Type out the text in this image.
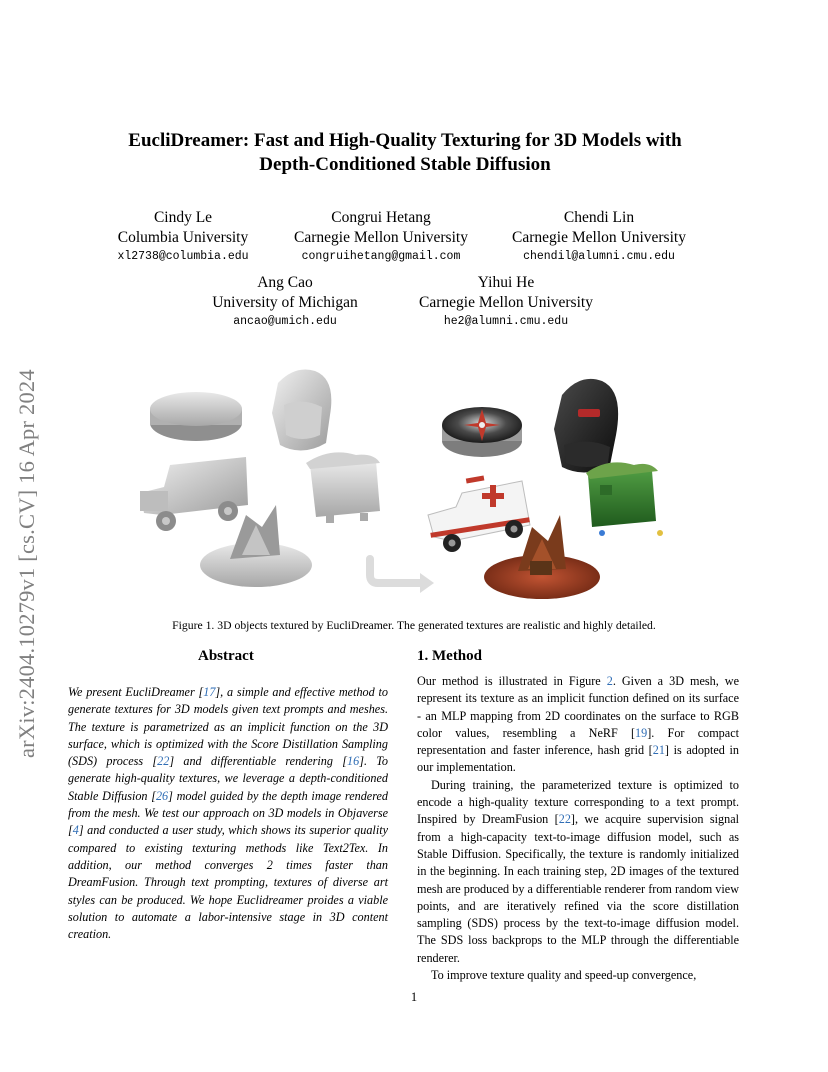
arXiv:2404.10279v1 [cs.CV] 16 Apr 2024
EucliDreamer: Fast and High-Quality Texturing for 3D Models with
Depth-Conditioned Stable Diffusion
Cindy Le
Columbia University
xl2738@columbia.edu
Congrui Hetang
Carnegie Mellon University
congruihetang@gmail.com
Chendi Lin
Carnegie Mellon University
chendil@alumni.cmu.edu
Ang Cao
University of Michigan
ancao@umich.edu
Yihui He
Carnegie Mellon University
he2@alumni.cmu.edu
Figure 1. 3D objects textured by EucliDreamer. The generated textures are realistic and highly detailed.
Abstract	1. Method
We present EucliDreamer [17], a simple and effective method to generate textures for 3D models given text prompts and meshes. The texture is parametrized as an implicit function on the 3D surface, which is optimized with the Score Distillation Sampling (SDS) process [22] and differentiable rendering [16]. To generate high-quality textures, we leverage a depth-conditioned Stable Diffusion [26] model guided by the depth image rendered from the mesh. We test our approach on 3D models in Objaverse [4] and conducted a user study, which shows its superior quality compared to existing texturing methods like Text2Tex. In addition, our method converges 2 times faster than DreamFusion. Through text prompting, textures of diverse art styles can be produced. We hope Euclidreamer proides a viable solution to automate a labor-intensive stage in 3D content creation.

Our method is illustrated in Figure 2. Given a 3D mesh, we represent its texture as an implicit function defined on its surface - an MLP mapping from 2D coordinates on the surface to RGB color values, resembling a NeRF [19]. For compact representation and faster inference, hash grid [21] is adopted in our implementation.

During training, the parameterized texture is optimized to encode a high-quality texture corresponding to a text prompt. Inspired by DreamFusion [22], we acquire supervision signal from a high-capacity text-to-image diffusion model, such as Stable Diffusion. Specifically, the texture is randomly initialized in the beginning. In each training step, 2D images of the textured mesh are produced by a differentiable renderer from random view points, and are iteratively refined via the score distillation sampling (SDS) process by the text-to-image diffusion model. The SDS loss backprops to the MLP through the differentiable renderer.

To improve texture quality and speed-up convergence,

1
